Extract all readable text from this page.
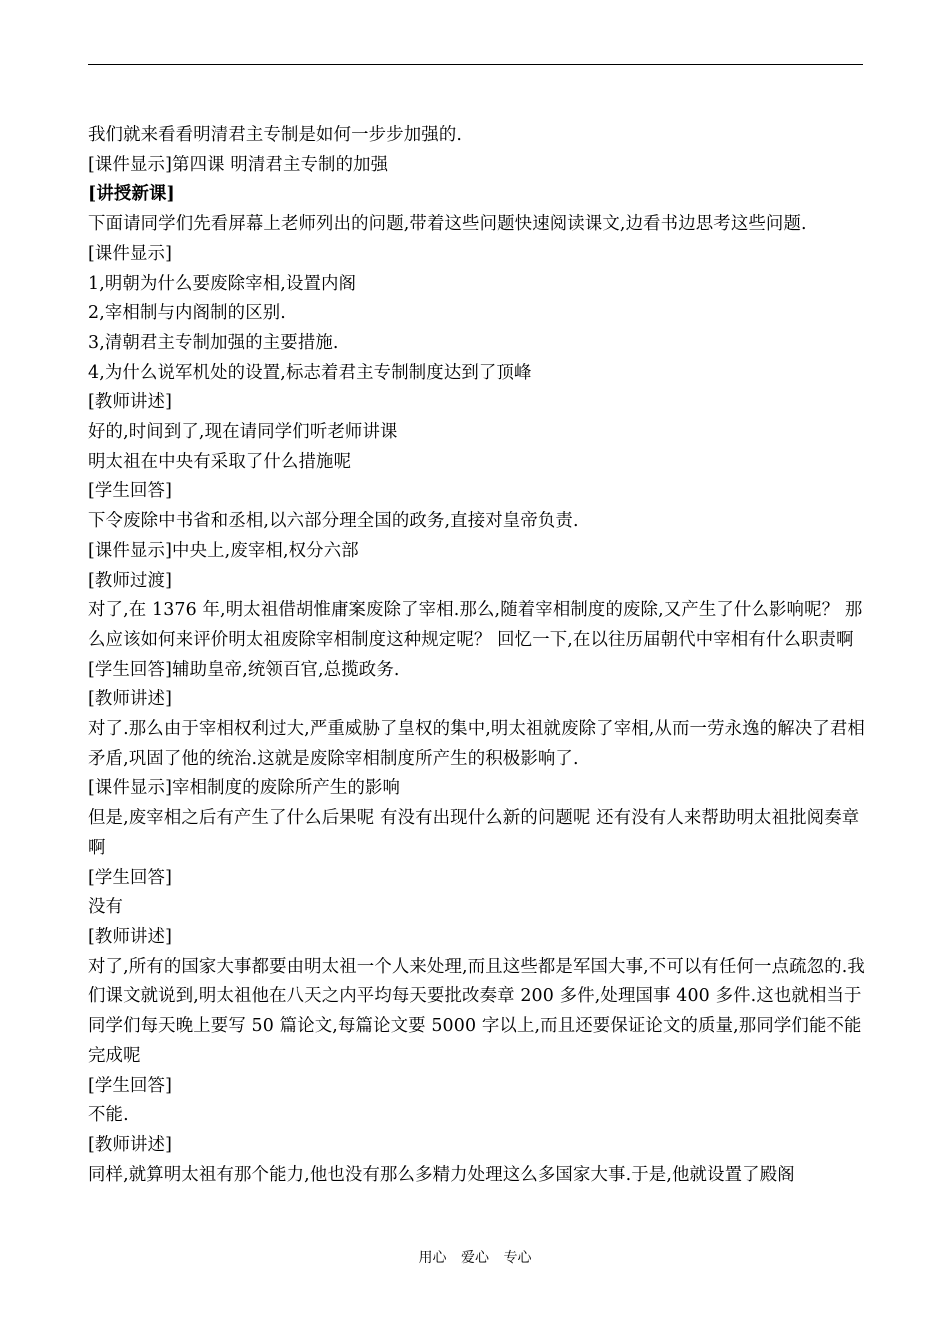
我们就来看看明清君主专制是如何一步步加强的.

[课件显示]第四课 明清君主专制的加强

[讲授新课]

下面请同学们先看屏幕上老师列出的问题,带着这些问题快速阅读课文,边看书边思考这些问题.

[课件显示]

1,明朝为什么要废除宰相,设置内阁

2,宰相制与内阁制的区别.

3,清朝君主专制加强的主要措施.

4,为什么说军机处的设置,标志着君主专制制度达到了顶峰

[教师讲述]

好的,时间到了,现在请同学们听老师讲课

明太祖在中央有采取了什么措施呢

[学生回答]

下令废除中书省和丞相,以六部分理全国的政务,直接对皇帝负责.

[课件显示]中央上,废宰相,权分六部

[教师过渡]

对了,在 1376 年,明太祖借胡惟庸案废除了宰相.那么,随着宰相制度的废除,又产生了什么影响呢？ 那么应该如何来评价明太祖废除宰相制度这种规定呢？ 回忆一下,在以往历届朝代中宰相有什么职责啊

[学生回答]辅助皇帝,统领百官,总揽政务.

[教师讲述]

对了.那么由于宰相权利过大,严重威胁了皇权的集中,明太祖就废除了宰相,从而一劳永逸的解决了君相矛盾,巩固了他的统治.这就是废除宰相制度所产生的积极影响了.

[课件显示]宰相制度的废除所产生的影响

但是,废宰相之后有产生了什么后果呢 有没有出现什么新的问题呢 还有没有人来帮助明太祖批阅奏章啊

[学生回答]

没有

[教师讲述]

对了,所有的国家大事都要由明太祖一个人来处理,而且这些都是军国大事,不可以有任何一点疏忽的.我们课文就说到,明太祖他在八天之内平均每天要批改奏章 200 多件,处理国事 400 多件.这也就相当于同学们每天晚上要写 50 篇论文,每篇论文要 5000 字以上,而且还要保证论文的质量,那同学们能不能完成呢

[学生回答]

不能.

[教师讲述]

同样,就算明太祖有那个能力,他也没有那么多精力处理这么多国家大事.于是,他就设置了殿阁

用心 爱心 专心
